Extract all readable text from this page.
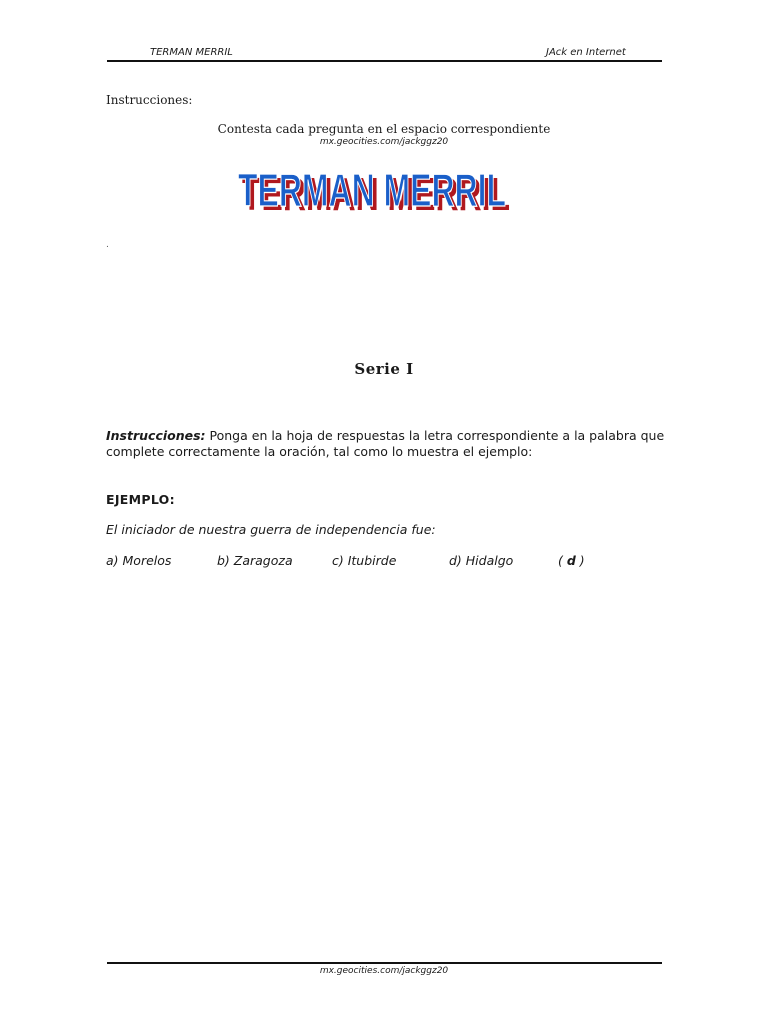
TERMAN MERRIL	JAck en Internet
Instrucciones:
Contesta cada pregunta en el espacio correspondiente
mx.geocities.com/jackggz20
TERMAN MERRIL
TERMAN MERRIL
.
Serie I
Instrucciones: Ponga en la hoja de respuestas la letra correspondiente a la palabra que complete correctamente la oración, tal como lo muestra el ejemplo:
EJEMPLO:
El iniciador de nuestra guerra de independencia fue:
a) Morelos	b) Zaragoza	c) Itubirde	d) Hidalgo	( d )
mx.geocities.com/jackggz20
